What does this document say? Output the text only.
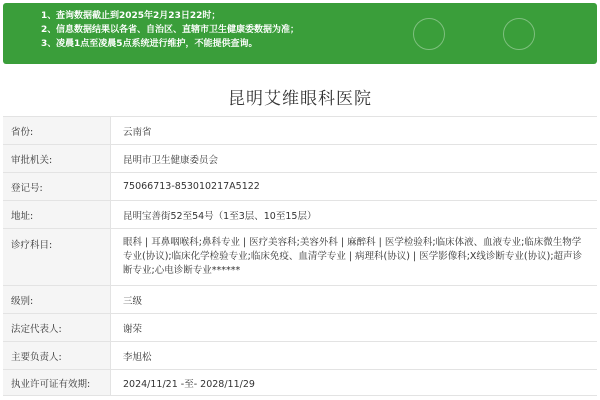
1、查询数据截止到2025年2月23日22时；
2、信息数据结果以各省、自治区、直辖市卫生健康委数据为准；
3、凌晨1点至凌晨5点系统进行维护，不能提供查询。
昆明艾维眼科医院
省份:	云南省
审批机关:	昆明市卫生健康委员会
登记号:	75066713-853010217A5122
地址:	昆明宝善街52至54号（1至3层、10至15层）
诊疗科目:	眼科 | 耳鼻咽喉科;鼻科专业 | 医疗美容科;美容外科 | 麻醉科 | 医学检验科;临床体液、血液专业;临床微生物学专业(协议);临床化学检验专业;临床免疫、血清学专业 | 病理科(协议) | 医学影像科;X线诊断专业(协议);超声诊断专业;心电诊断专业******
级别:	三级
法定代表人:	谢荣
主要负责人:	李旭松
执业许可证有效期:	2024/11/21 -至- 2028/11/29
